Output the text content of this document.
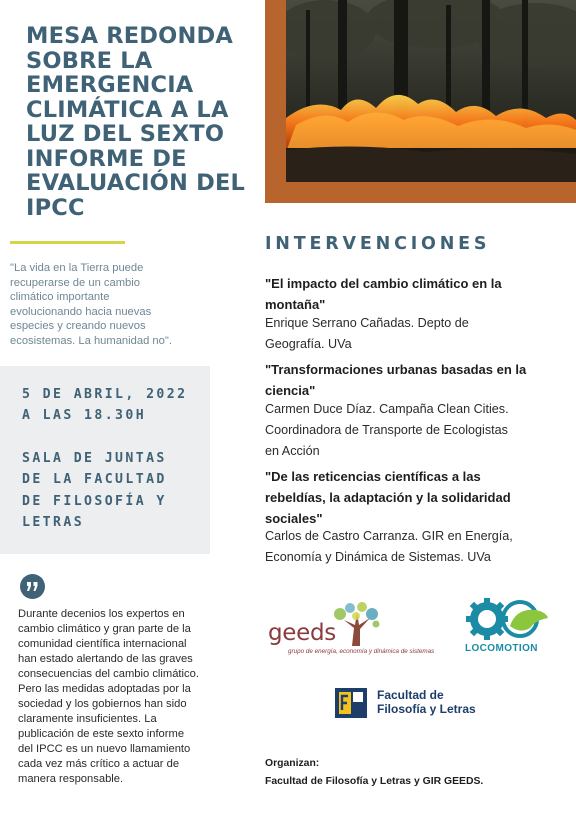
MESA REDONDA
SOBRE LA
EMERGENCIA
CLIMÁTICA A LA
LUZ DEL SEXTO
INFORME DE
EVALUACIÓN DEL
IPCC
"La vida en la Tierra puede
recuperarse de un cambio
climático importante
evolucionando hacia nuevas
especies y creando nuevos
ecosistemas. La humanidad no".
5 DE ABRIL, 2022
A LAS 18.30H
SALA DE JUNTAS
DE LA FACULTAD
DE FILOSOFÍA Y
LETRAS
Durante decenios los expertos en
cambio climático y gran parte de la
comunidad científica internacional
han estado alertando de las graves
consecuencias del cambio climático.
Pero las medidas adoptadas por la
sociedad y los gobiernos han sido
claramente insuficientes. La
publicación de este sexto informe
del IPCC es un nuevo llamamiento
cada vez más crítico a actuar de
manera responsable.
INTERVENCIONES
"El impacto del cambio climático en la
montaña"
Enrique Serrano Cañadas. Depto de
Geografía. UVa
"Transformaciones urbanas basadas en la
ciencia"
Carmen Duce Díaz. Campaña Clean Cities.
Coordinadora de Transporte de Ecologistas
en Acción
"De las reticencias científicas a las
rebeldías, la adaptación y la solidaridad
sociales"
Carlos de Castro Carranza. GIR en Energía,
Economía y Dinámica de Sistemas. UVa
geeds
grupo de energía, economía y dinámica de sistemas	LOCOMOTION
Facultad de
Filosofía y Letras
Organizan:
Facultad de Filosofía y Letras y GIR GEEDS.
